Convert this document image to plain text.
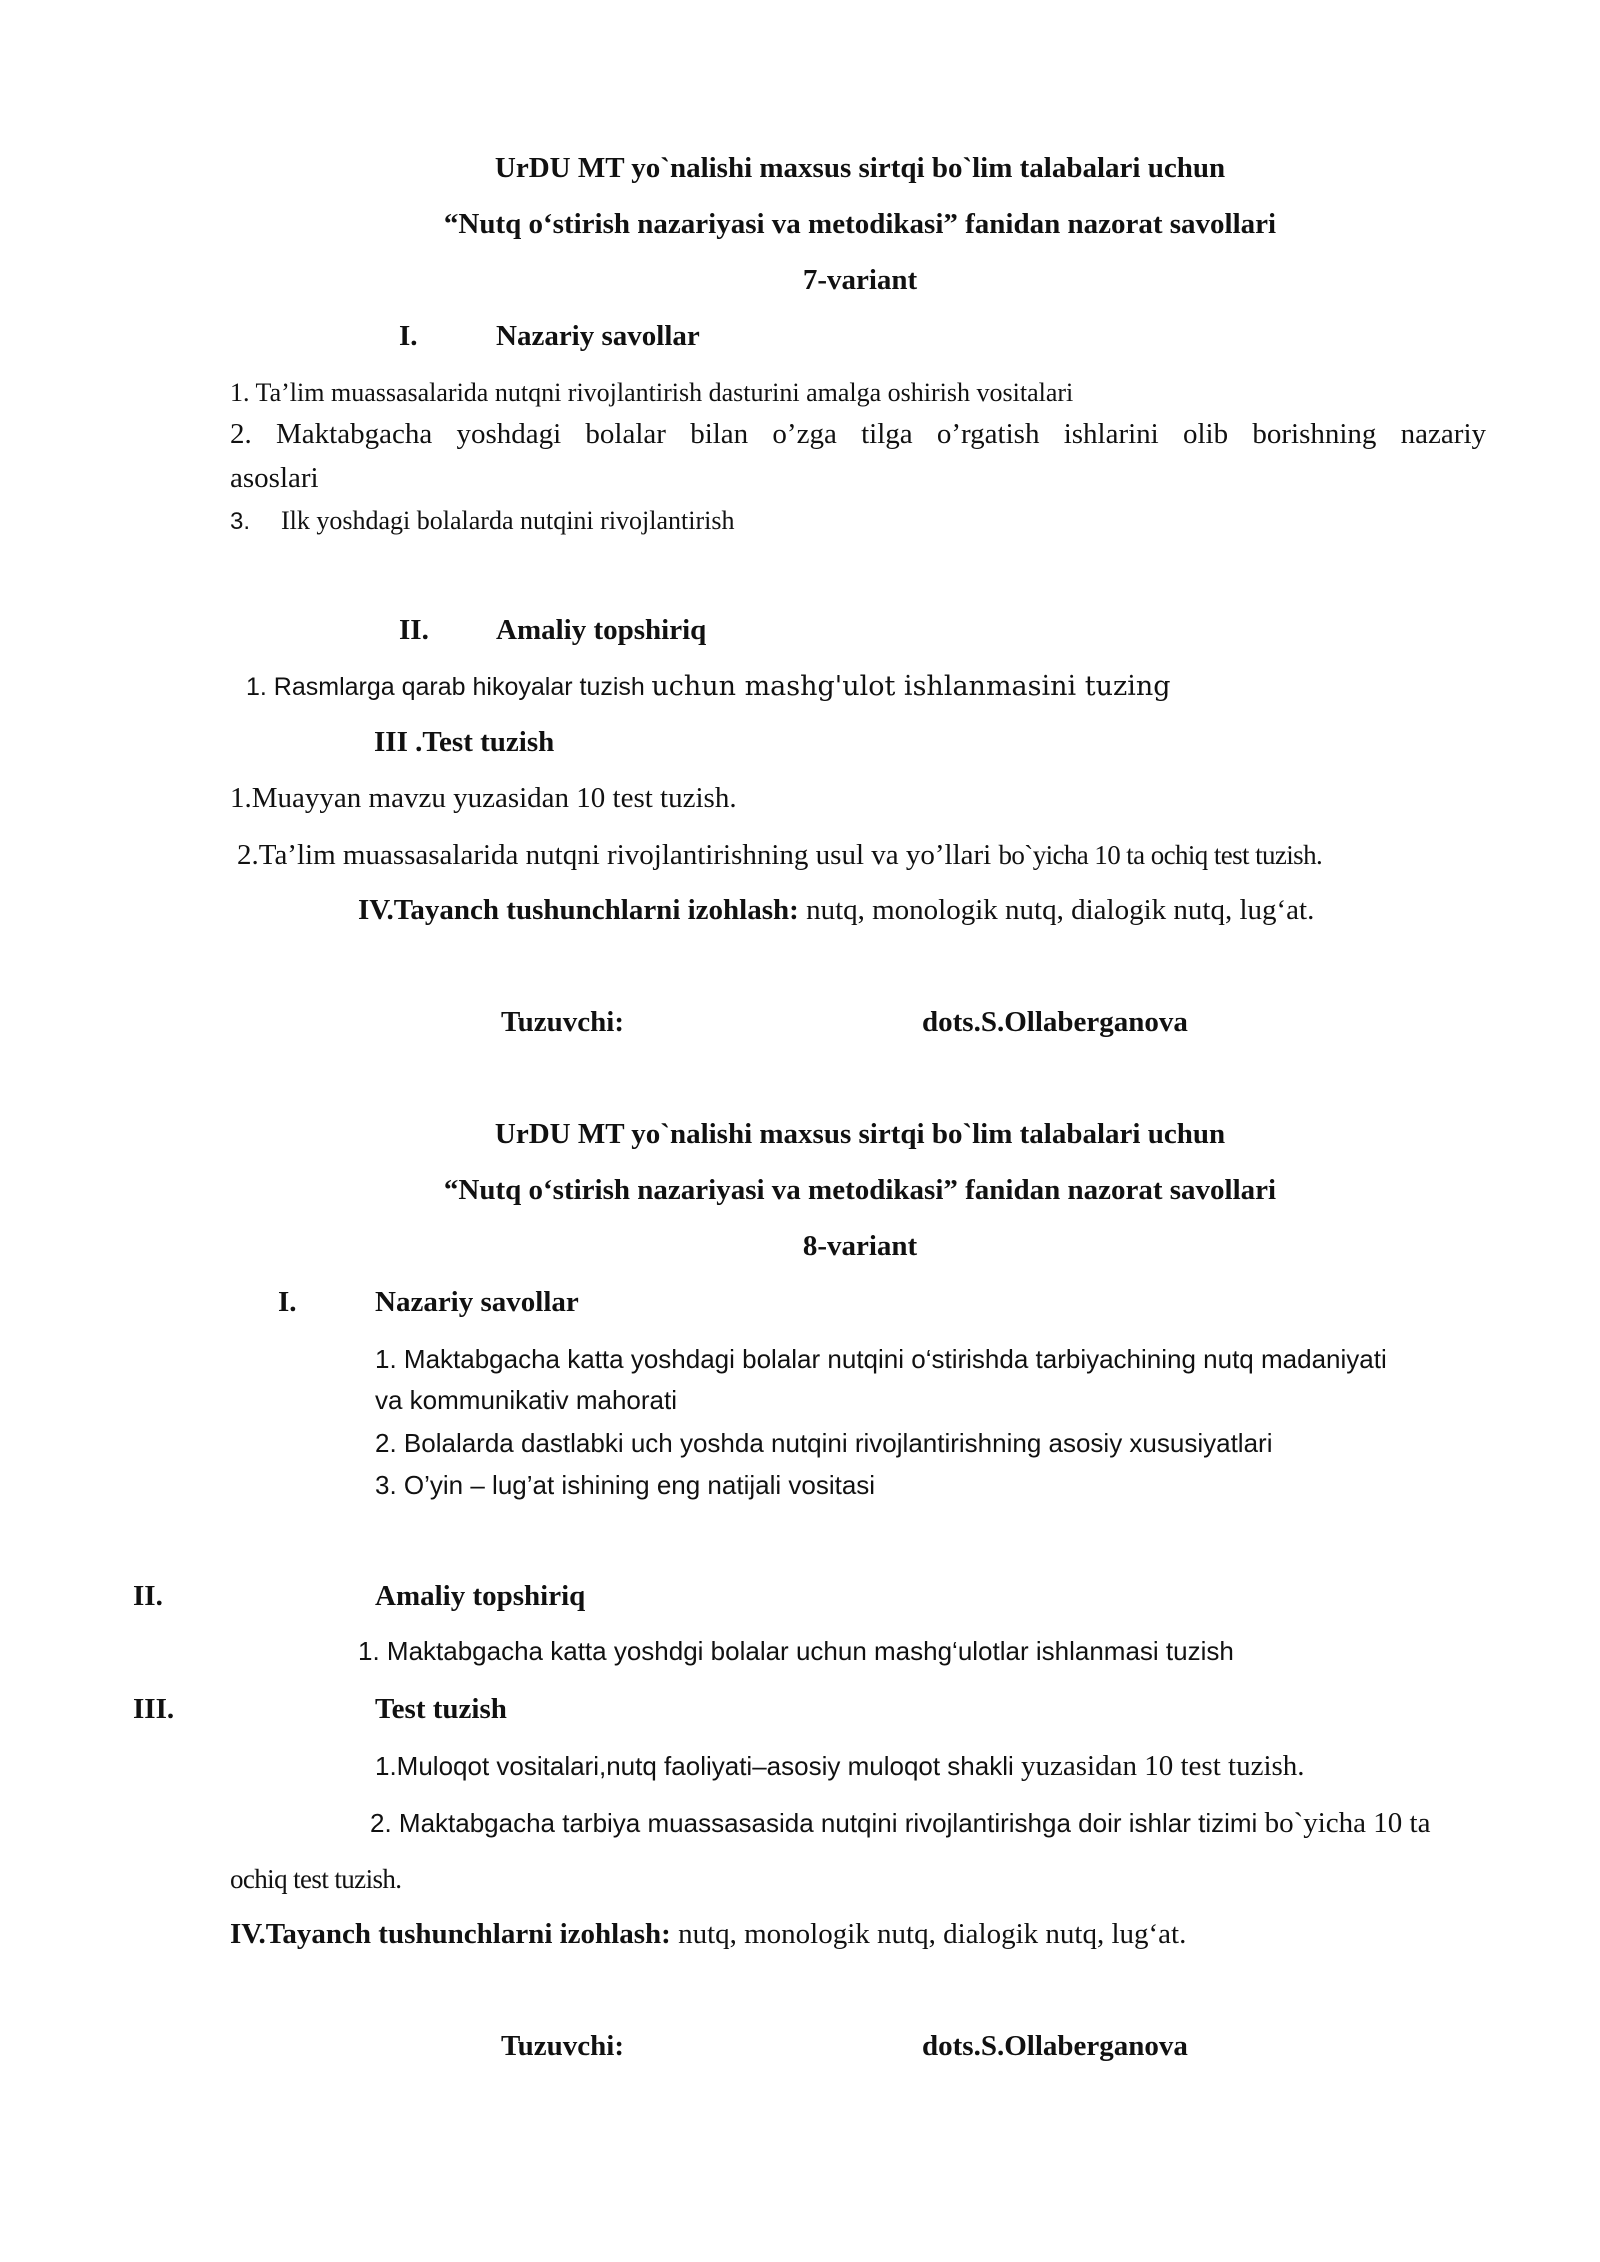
UrDU MT yo`nalishi maxsus sirtqi bo`lim talabalari uchun
“Nutq o‘stirish nazariyasi va metodikasi” fanidan nazorat savollari
7-variant
I.	Nazariy savollar
1. Ta’lim muassasalarida nutqni rivojlantirish dasturini amalga oshirish vositalari
2. Maktabgacha yoshdagi bolalar bilan o’zga tilga o’rgatish ishlarini olib borishning nazariy
asoslari
3. Ilk yoshdagi bolalarda nutqini rivojlantirish
II. Amaliy topshiriq
1. Rasmlarga qarab hikoyalar tuzish uchun mashg'ulot ishlanmasini tuzing
III .Test tuzish
1.Muayyan mavzu yuzasidan 10 test tuzish.
2.Ta’lim muassasalarida nutqni rivojlantirishning usul va yo’llari bo`yicha 10 ta ochiq test tuzish.
IV.Tayanch tushunchlarni izohlash: nutq, monologik nutq, dialogik nutq, lug‘at.
Tuzuvchi:	dots.S.Ollaberganova
UrDU MT yo`nalishi maxsus sirtqi bo`lim talabalari uchun
“Nutq o‘stirish nazariyasi va metodikasi” fanidan nazorat savollari
8-variant
I.	Nazariy savollar
1. Maktabgacha katta yoshdagi bolalar nutqini o‘stirishda tarbiyachining nutq madaniyati
va kommunikativ mahorati
2. Bolalarda dastlabki uch yoshda nutqini rivojlantirishning asosiy xususiyatlari
3. O’yin – lug’at ishining eng natijali vositasi
II.	Amaliy topshiriq
1. Maktabgacha katta yoshdgi bolalar uchun mashg‘ulotlar ishlanmasi tuzish
III.	Test tuzish
1.Muloqot vositalari,nutq faoliyati–asosiy muloqot shakli yuzasidan 10 test tuzish.
2. Maktabgacha tarbiya muassasasida nutqini rivojlantirishga doir ishlar tizimi bo`yicha 10 ta
ochiq test tuzish.
IV.Tayanch tushunchlarni izohlash: nutq, monologik nutq, dialogik nutq, lug‘at.
Tuzuvchi:	dots.S.Ollaberganova
